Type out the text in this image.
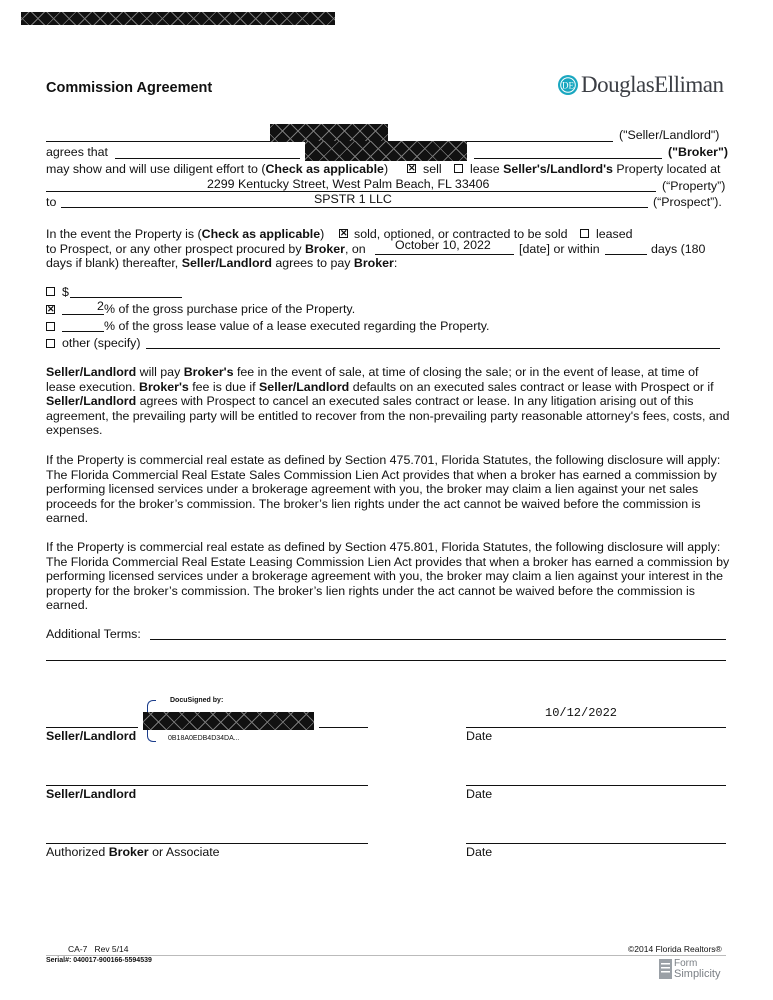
Commission Agreement	DE DouglasElliman
("Seller/Landlord")
agrees that	("Broker")
may show and will use diligent effort to (Check as applicable) ✕ sell lease Seller's/Landlord's Property located at
2299 Kentucky Street, West Palm Beach, FL 33406	(“Property”)
to	SPSTR 1 LLC	(“Prospect”).
In the event the Property is (Check as applicable) ✕ sold, optioned, or contracted to be sold leased
to Prospect, or any other prospect procured by Broker, on October 10, 2022 [date] or within	days (180
days if blank) thereafter, Seller/Landlord agrees to pay Broker:
$
✕	2 % of the gross purchase price of the Property.
% of the gross lease value of a lease executed regarding the Property.
other (specify)

Seller/Landlord will pay Broker's fee in the event of sale, at time of closing the sale; or in the event of lease, at time of lease execution. Broker's fee is due if Seller/Landlord defaults on an executed sales contract or lease with Prospect or if Seller/Landlord agrees with Prospect to cancel an executed sales contract or lease. In any litigation arising out of this agreement, the prevailing party will be entitled to recover from the non-prevailing party reasonable attorney's fees, costs, and expenses.

If the Property is commercial real estate as defined by Section 475.701, Florida Statutes, the following disclosure will apply: The Florida Commercial Real Estate Sales Commission Lien Act provides that when a broker has earned a commission by performing licensed services under a brokerage agreement with you, the broker may claim a lien against your net sales proceeds for the broker’s commission. The broker’s lien rights under the act cannot be waived before the commission is earned.
If the Property is commercial real estate as defined by Section 475.801, Florida Statutes, the following disclosure will apply: The Florida Commercial Real Estate Leasing Commission Lien Act provides that when a broker has earned a commission by performing licensed services under a brokerage agreement with you, the broker may claim a lien against your interest in the property for the broker’s commission. The broker’s lien rights under the act cannot be waived before the commission is earned.
Additional Terms:
DocuSigned by:
0B18A0EDB4D34DA...
Seller/Landlord
10/12/2022
Date
Seller/Landlord	Date
Authorized Broker or Associate	Date
CA-7   Rev 5/14	©2014 Florida Realtors®
Serial#: 040017-900166-5594539	Form
Simplicity
